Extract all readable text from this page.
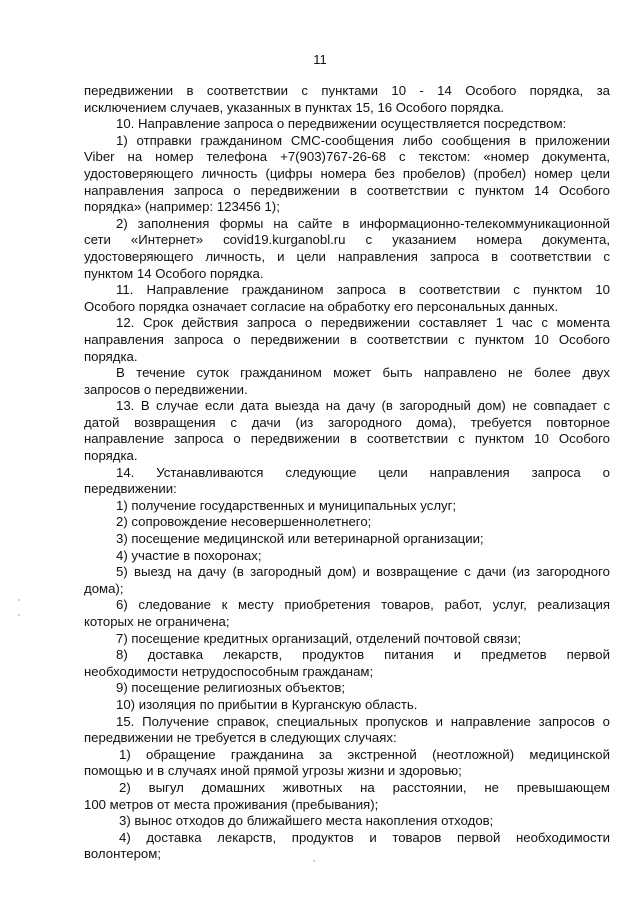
11
передвижении в соответствии с пунктами 10 - 14 Особого порядка, за
исключением случаев, указанных в пунктах 15, 16 Особого порядка.
10. Направление запроса о передвижении осуществляется посредством:
1) отправки гражданином СМС-сообщения либо сообщения в приложении
Viber на номер телефона +7(903)767-26-68 с текстом: «номер документа,
удостоверяющего личность (цифры номера без пробелов) (пробел) номер цели
направления запроса о передвижении в соответствии с пунктом 14 Особого
порядка» (например: 123456 1);
2) заполнения формы на сайте в информационно-телекоммуникационной
сети «Интернет» covid19.kurganobl.ru с указанием номера документа,
удостоверяющего личность, и цели направления запроса в соответствии с
пунктом 14 Особого порядка.
11. Направление гражданином запроса в соответствии с пунктом 10
Особого порядка означает согласие на обработку его персональных данных.
12. Срок действия запроса о передвижении составляет 1 час с момента
направления запроса о передвижении в соответствии с пунктом 10 Особого
порядка.
В течение суток гражданином может быть направлено не более двух
запросов о передвижении.
13. В случае если дата выезда на дачу (в загородный дом) не совпадает с
датой возвращения с дачи (из загородного дома), требуется повторное
направление запроса о передвижении в соответствии с пунктом 10 Особого
порядка.
14. Устанавливаются следующие цели направления запроса о
передвижении:
1) получение государственных и муниципальных услуг;
2) сопровождение несовершеннолетнего;
3) посещение медицинской или ветеринарной организации;
4) участие в похоронах;
5) выезд на дачу (в загородный дом) и возвращение с дачи (из загородного
дома);
6) следование к месту приобретения товаров, работ, услуг, реализация
которых не ограничена;
7) посещение кредитных организаций, отделений почтовой связи;
8) доставка лекарств, продуктов питания и предметов первой
необходимости нетрудоспособным гражданам;
9) посещение религиозных объектов;
10) изоляция по прибытии в Курганскую область.
15. Получение справок, специальных пропусков и направление запросов о
передвижении не требуется в следующих случаях:
1) обращение гражданина за экстренной (неотложной) медицинской
помощью и в случаях иной прямой угрозы жизни и здоровью;
2) выгул домашних животных на расстоянии, не превышающем
100 метров от места проживания (пребывания);
3) вынос отходов до ближайшего места накопления отходов;
4) доставка лекарств, продуктов и товаров первой необходимости
волонтером;
